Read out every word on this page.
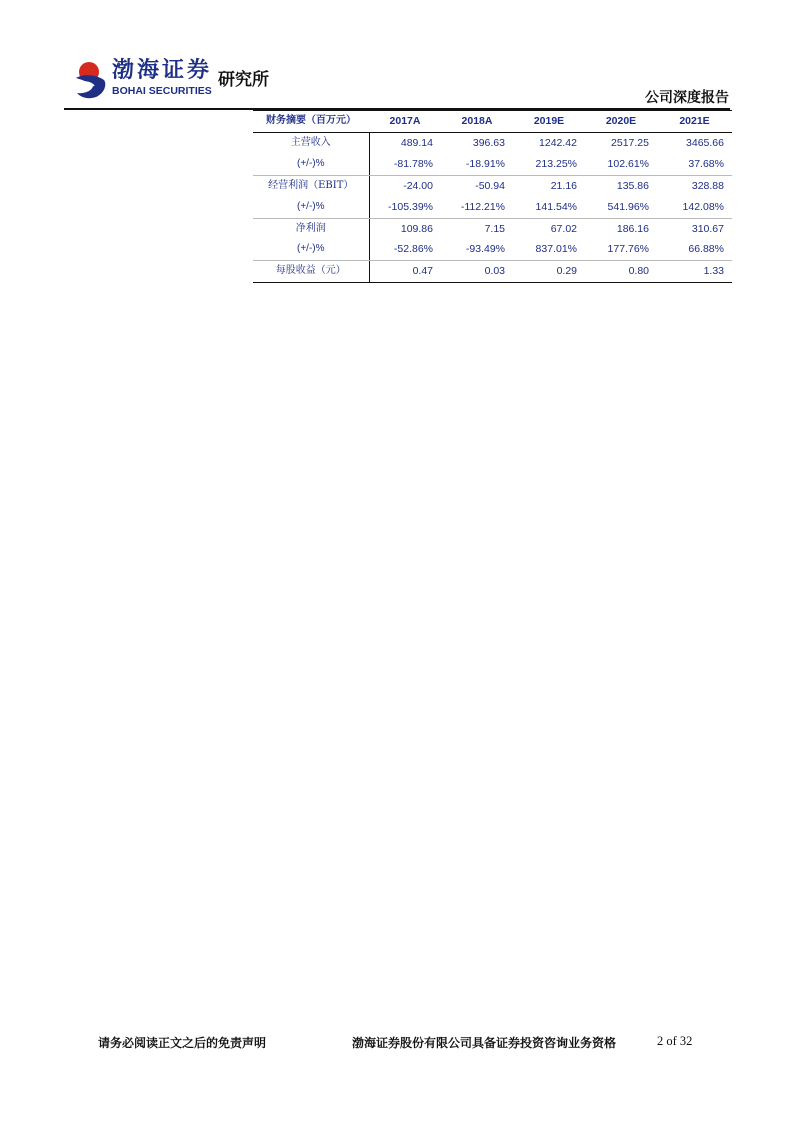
渤海证券
BOHAI SECURITIES
研究所
公司深度报告
财务摘要（百万元）	2017A	2018A	2019E	2020E	2021E
主营收入	489.14	396.63	1242.42	2517.25	3465.66
(+/-)%	-81.78%	-18.91%	213.25%	102.61%	37.68%
经营利润（EBIT）	-24.00	-50.94	21.16	135.86	328.88
(+/-)%	-105.39%	-112.21%	141.54%	541.96%	142.08%
净利润	109.86	7.15	67.02	186.16	310.67
(+/-)%	-52.86%	-93.49%	837.01%	177.76%	66.88%
每股收益（元）	0.47	0.03	0.29	0.80	1.33
请务必阅读正文之后的免责声明	渤海证券股份有限公司具备证券投资咨询业务资格	2 of 32
